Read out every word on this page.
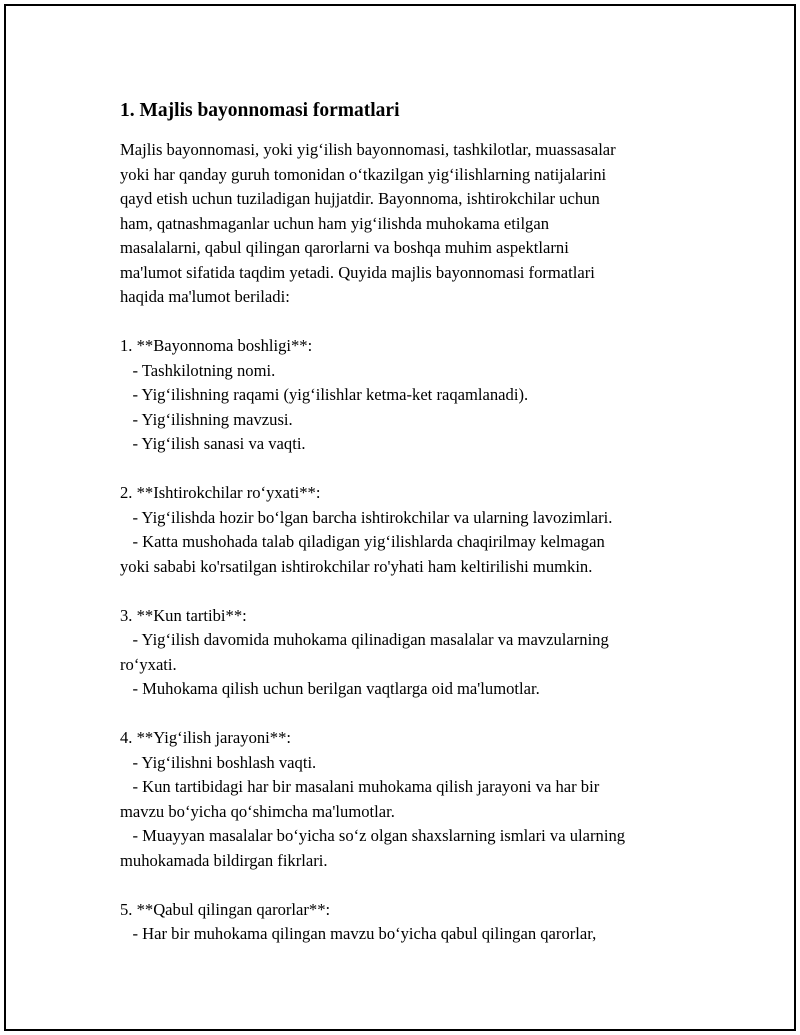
1. Majlis bayonnomasi formatlari
Majlis bayonnomasi, yoki yig‘ilish bayonnomasi, tashkilotlar, muassasalar
yoki har qanday guruh tomonidan o‘tkazilgan yig‘ilishlarning natijalarini
qayd etish uchun tuziladigan hujjatdir. Bayonnoma, ishtirokchilar uchun
ham, qatnashmaganlar uchun ham yig‘ilishda muhokama etilgan
masalalarni, qabul qilingan qarorlarni va boshqa muhim aspektlarni
ma'lumot sifatida taqdim yetadi. Quyida majlis bayonnomasi formatlari
haqida ma'lumot beriladi:
1. **Bayonnoma boshligi**:
- Tashkilotning nomi.
- Yig‘ilishning raqami (yig‘ilishlar ketma-ket raqamlanadi).
- Yig‘ilishning mavzusi.
- Yig‘ilish sanasi va vaqti.
2. **Ishtirokchilar ro‘yxati**:
- Yig‘ilishda hozir bo‘lgan barcha ishtirokchilar va ularning lavozimlari.
- Katta mushohada talab qiladigan yig‘ilishlarda chaqirilmay kelmagan
yoki sababi ko'rsatilgan ishtirokchilar ro'yhati ham keltirilishi mumkin.
3. **Kun tartibi**:
- Yig‘ilish davomida muhokama qilinadigan masalalar va mavzularning
ro‘yxati.
- Muhokama qilish uchun berilgan vaqtlarga oid ma'lumotlar.
4. **Yig‘ilish jarayoni**:
- Yig‘ilishni boshlash vaqti.
- Kun tartibidagi har bir masalani muhokama qilish jarayoni va har bir
mavzu bo‘yicha qo‘shimcha ma'lumotlar.
- Muayyan masalalar bo‘yicha so‘z olgan shaxslarning ismlari va ularning
muhokamada bildirgan fikrlari.
5. **Qabul qilingan qarorlar**:
- Har bir muhokama qilingan mavzu bo‘yicha qabul qilingan qarorlar,
